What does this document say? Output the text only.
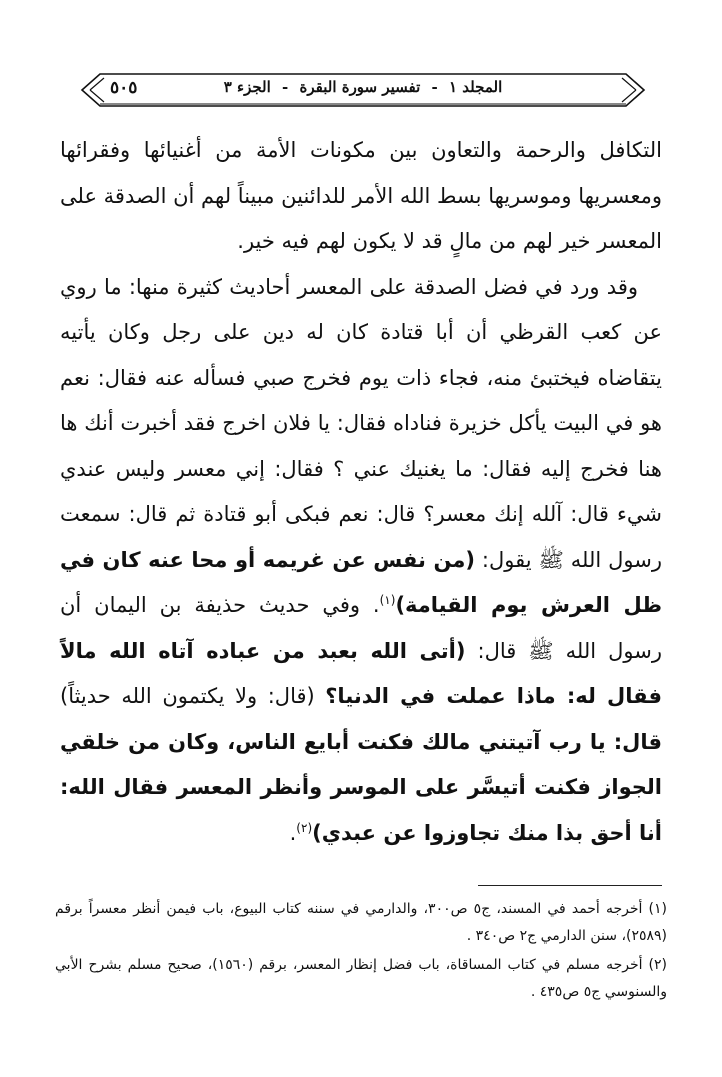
المجلد ١ - تفسير سورة البقرة - الجزء ٣
٥٠٥

التكافل والرحمة والتعاون بين مكونات الأمة من أغنيائها وفقرائها ومعسريها وموسريها بسط الله الأمر للدائنين مبيناً لهم أن الصدقة على المعسر خير لهم من مالٍ قد لا يكون لهم فيه خير.

وقد ورد في فضل الصدقة على المعسر أحاديث كثيرة منها: ما روي عن كعب القرظي أن أبا قتادة كان له دين على رجل وكان يأتيه يتقاضاه فيختبئ منه، فجاء ذات يوم فخرج صبي فسأله عنه فقال: نعم هو في البيت يأكل خزيرة فناداه فقال: يا فلان اخرج فقد أخبرت أنك ها هنا فخرج إليه فقال: ما يغنيك عني ؟ فقال: إني معسر وليس عندي شيء قال: آلله إنك معسر؟ قال: نعم فبكى أبو قتادة ثم قال: سمعت رسول الله ﷺ يقول: (من نفس عن غريمه أو محا عنه كان في ظل العرش يوم القيامة)$^{(١)}$. وفي حديث حذيفة بن اليمان أن رسول الله ﷺ قال: (أتى الله بعبد من عباده آتاه الله مالاً فقال له: ماذا عملت في الدنيا؟ (قال: ولا يكتمون الله حديثاً) قال: يا رب آتيتني مالك فكنت أبايع الناس، وكان من خلقي الجواز فكنت أتيسَّر على الموسر وأنظر المعسر فقال الله: أنا أحق بذا منك تجاوزوا عن عبدي)$^{(٢)}$.

(١) أخرجه أحمد في المسند، ج٥ ص٣٠٠، والدارمي في سننه كتاب البيوع، باب فيمن أنظر معسراً برقم (٢٥٨٩)، سنن الدارمي ج٢ ص٣٤٠ .

(٢) أخرجه مسلم في كتاب المساقاة، باب فضل إنظار المعسر، برقم (١٥٦٠)، صحيح مسلم بشرح الأبي والسنوسي ج٥ ص٤٣٥ .
